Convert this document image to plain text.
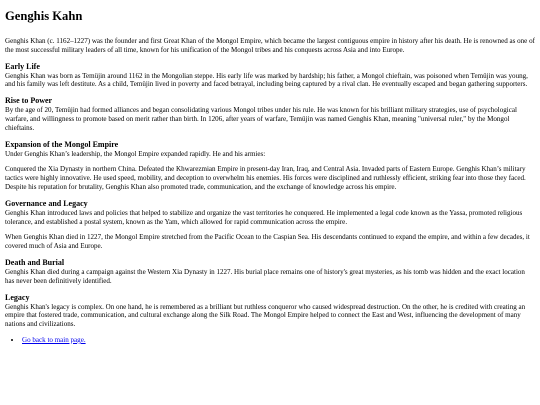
Genghis Kahn

Genghis Khan (c. 1162–1227) was the founder and first Great Khan of the Mongol Empire, which became the largest contiguous empire in history after his death. He is renowned as one of the most successful military leaders of all time, known for his unification of the Mongol tribes and his conquests across Asia and into Europe.

Early Life

Genghis Khan was born as Temüjin around 1162 in the Mongolian steppe. His early life was marked by hardship; his father, a Mongol chieftain, was poisoned when Temüjin was young, and his family was left destitute. As a child, Temüjin lived in poverty and faced betrayal, including being captured by a rival clan. He eventually escaped and began gathering supporters.

Rise to Power

By the age of 20, Temüjin had formed alliances and began consolidating various Mongol tribes under his rule. He was known for his brilliant military strategies, use of psychological warfare, and willingness to promote based on merit rather than birth. In 1206, after years of warfare, Temüjin was named Genghis Khan, meaning "universal ruler," by the Mongol chieftains.

Expansion of the Mongol Empire

Under Genghis Khan’s leadership, the Mongol Empire expanded rapidly. He and his armies:

Conquered the Xia Dynasty in northern China. Defeated the Khwarezmian Empire in present-day Iran, Iraq, and Central Asia. Invaded parts of Eastern Europe. Genghis Khan’s military tactics were highly innovative. He used speed, mobility, and deception to overwhelm his enemies. His forces were disciplined and ruthlessly efficient, striking fear into those they faced. Despite his reputation for brutality, Genghis Khan also promoted trade, communication, and the exchange of knowledge across his empire.

Governance and Legacy

Genghis Khan introduced laws and policies that helped to stabilize and organize the vast territories he conquered. He implemented a legal code known as the Yassa, promoted religious tolerance, and established a postal system, known as the Yam, which allowed for rapid communication across the empire.

When Genghis Khan died in 1227, the Mongol Empire stretched from the Pacific Ocean to the Caspian Sea. His descendants continued to expand the empire, and within a few decades, it covered much of Asia and Europe.

Death and Burial

Genghis Khan died during a campaign against the Western Xia Dynasty in 1227. His burial place remains one of history's great mysteries, as his tomb was hidden and the exact location has never been definitively identified.

Legacy

Genghis Khan's legacy is complex. On one hand, he is remembered as a brilliant but ruthless conqueror who caused widespread destruction. On the other, he is credited with creating an empire that fostered trade, communication, and cultural exchange along the Silk Road. The Mongol Empire helped to connect the East and West, influencing the development of many nations and civilizations.

• Go back to main page.
